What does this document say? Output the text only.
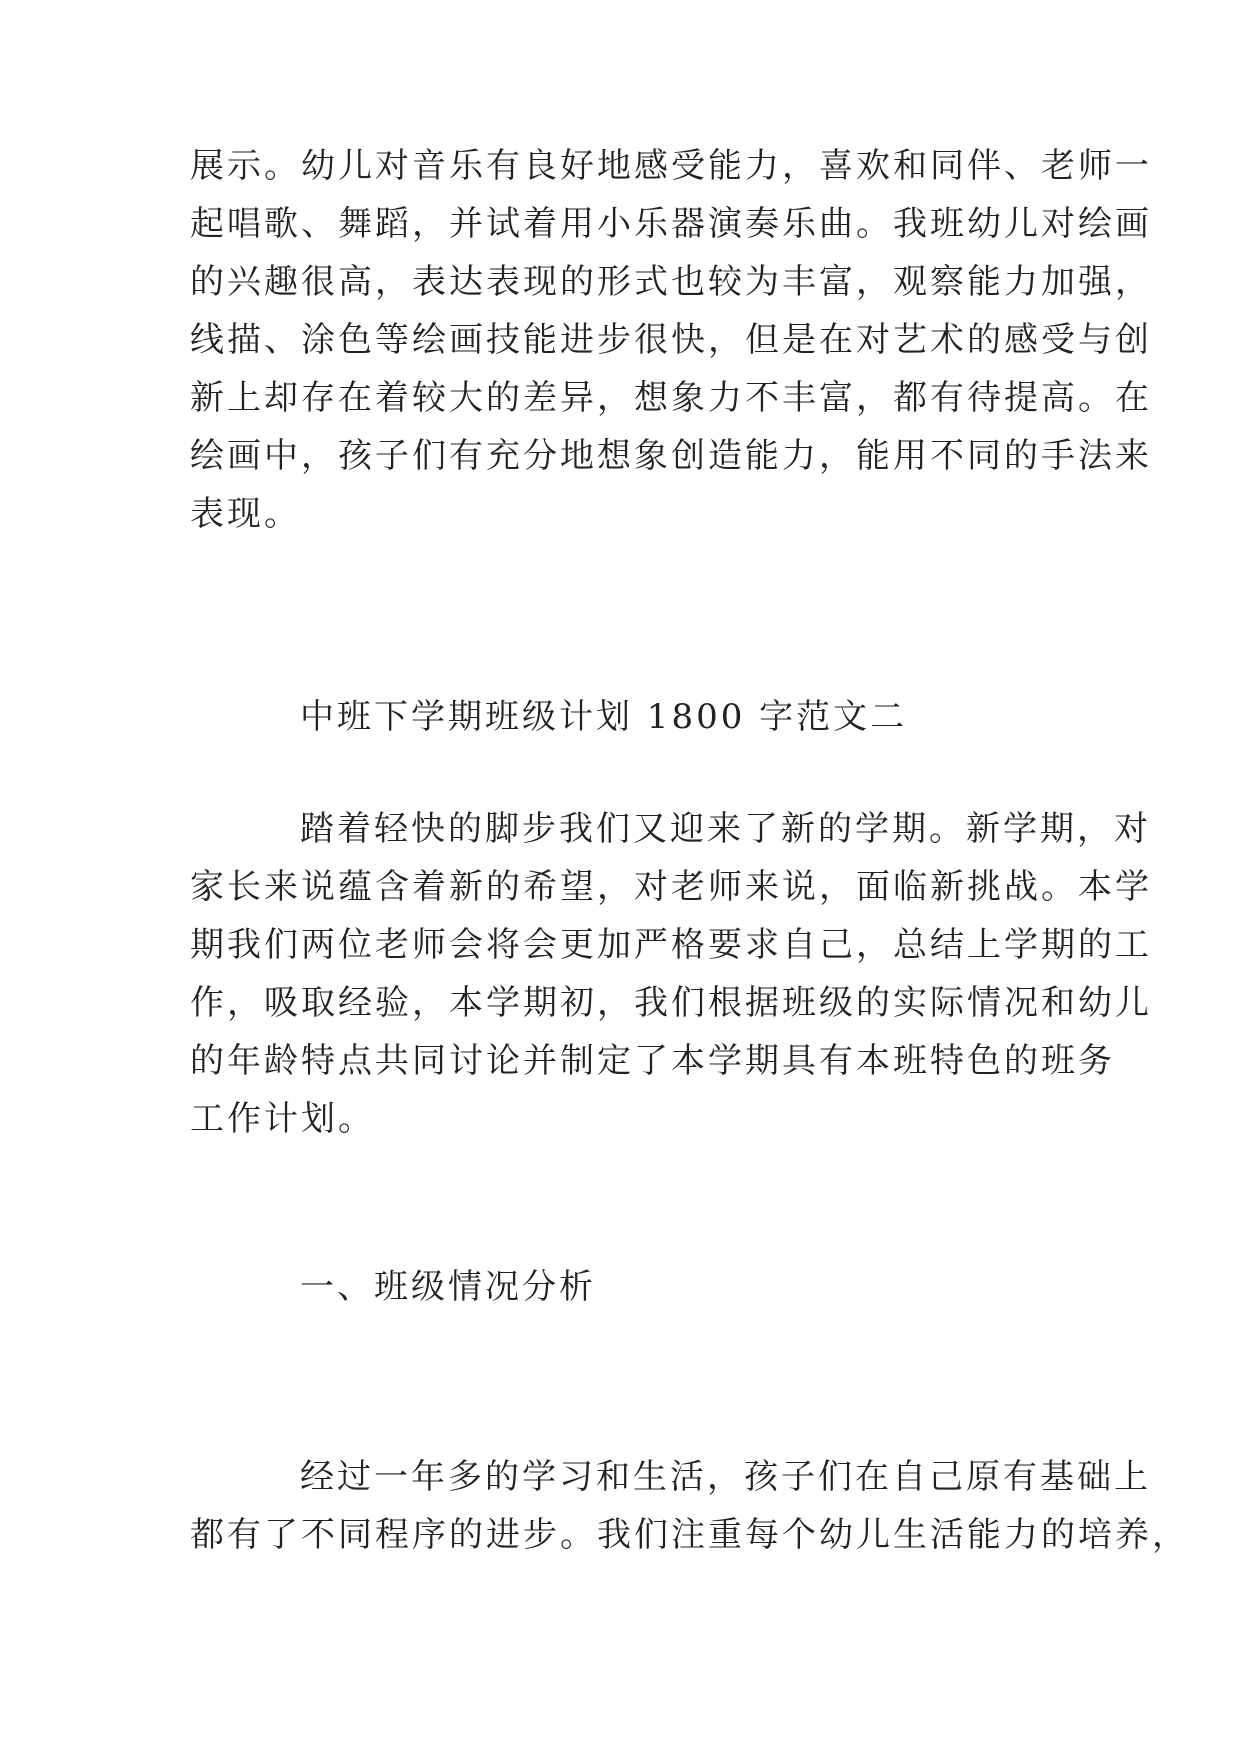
展示。幼儿对音乐有良好地感受能力，喜欢和同伴、老师一
起唱歌、舞蹈，并试着用小乐器演奏乐曲。我班幼儿对绘画
的兴趣很高，表达表现的形式也较为丰富，观察能力加强，
线描、涂色等绘画技能进步很快，但是在对艺术的感受与创
新上却存在着较大的差异，想象力不丰富，都有待提高。在
绘画中，孩子们有充分地想象创造能力，能用不同的手法来
表现。
中班下学期班级计划 1800 字范文二
踏着轻快的脚步我们又迎来了新的学期。新学期，对
家长来说蕴含着新的希望，对老师来说，面临新挑战。本学
期我们两位老师会将会更加严格要求自己，总结上学期的工
作，吸取经验，本学期初，我们根据班级的实际情况和幼儿
的年龄特点共同讨论并制定了本学期具有本班特色的班务
工作计划。
一、班级情况分析
经过一年多的学习和生活，孩子们在自己原有基础上
都有了不同程序的进步。我们注重每个幼儿生活能力的培养，
